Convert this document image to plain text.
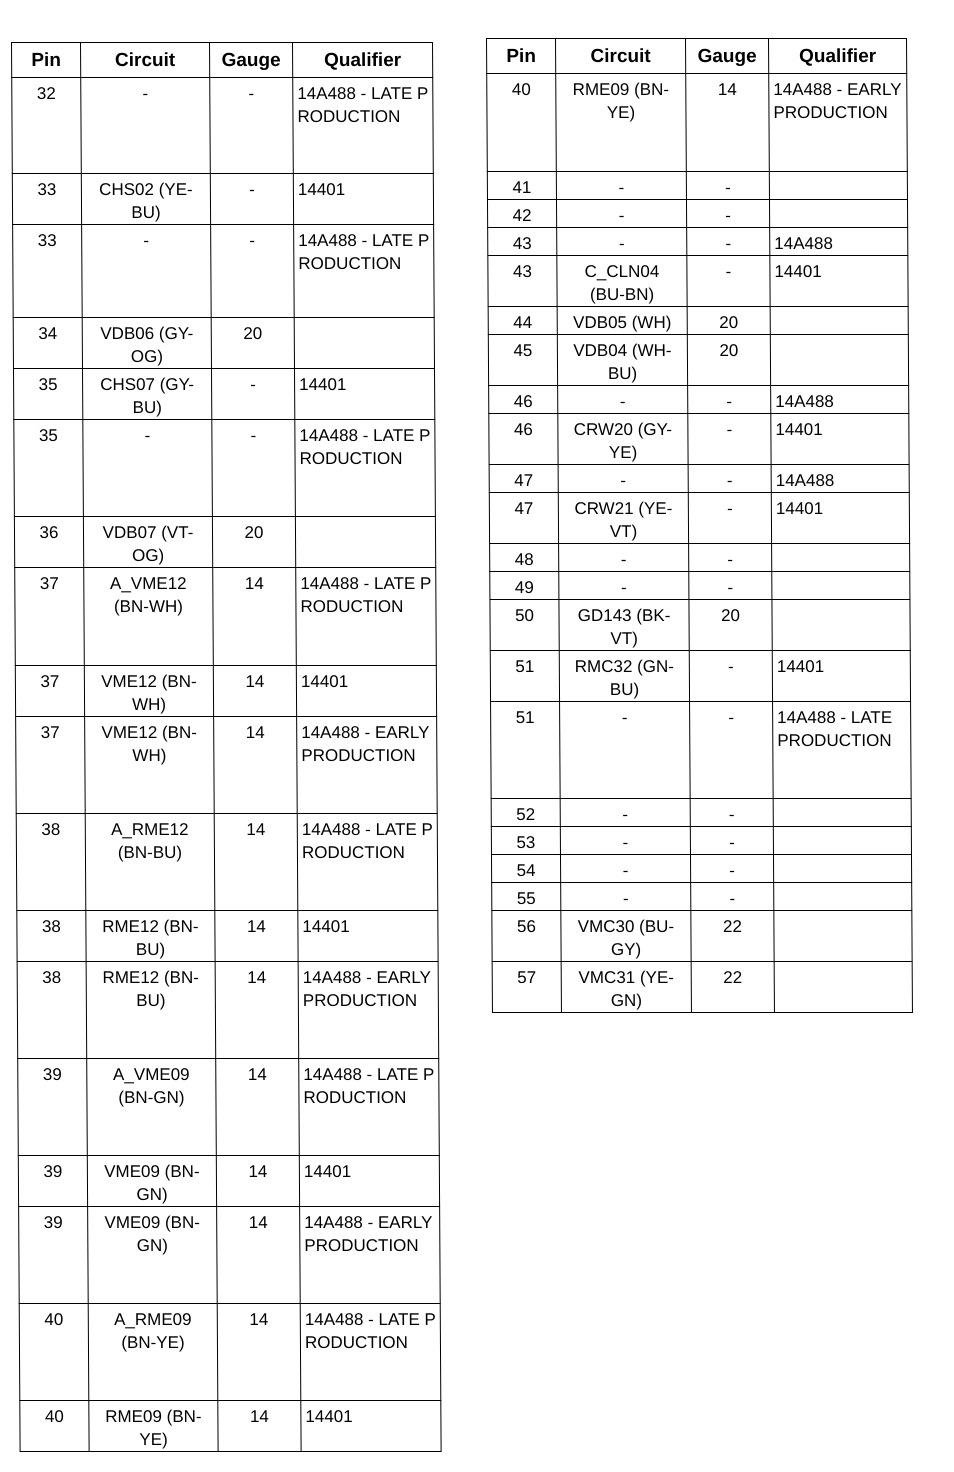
Pin	Circuit	Gauge	Qualifier
32	-	-	14A488 - LATE PRODUCTION
33	CHS02 (YE-BU)	-	14401
33	-	-	14A488 - LATE PRODUCTION
34	VDB06 (GY-OG)	20	
35	CHS07 (GY-BU)	-	14401
35	-	-	14A488 - LATE PRODUCTION
36	VDB07 (VT-OG)	20	
37	A_VME12 (BN-WH)	14	14A488 - LATE PRODUCTION
37	VME12 (BN-WH)	14	14401
37	VME12 (BN-WH)	14	14A488 - EARLY PRODUCTION
38	A_RME12 (BN-BU)	14	14A488 - LATE PRODUCTION
38	RME12 (BN-BU)	14	14401
38	RME12 (BN-BU)	14	14A488 - EARLY PRODUCTION
39	A_VME09 (BN-GN)	14	14A488 - LATE PRODUCTION
39	VME09 (BN-GN)	14	14401
39	VME09 (BN-GN)	14	14A488 - EARLY PRODUCTION
40	A_RME09 (BN-YE)	14	14A488 - LATE PRODUCTION
40	RME09 (BN-YE)	14	14401
Pin	Circuit	Gauge	Qualifier
40	RME09 (BN-YE)	14	14A488 - EARLY PRODUCTION
41	-	-	
42	-	-	
43	-	-	14A488
43	C_CLN04 (BU-BN)	-	14401
44	VDB05 (WH)	20	
45	VDB04 (WH-BU)	20	
46	-	-	14A488
46	CRW20 (GY-YE)	-	14401
47	-	-	14A488
47	CRW21 (YE-VT)	-	14401
48	-	-	
49	-	-	
50	GD143 (BK-VT)	20	
51	RMC32 (GN-BU)	-	14401
51	-	-	14A488 - LATE PRODUCTION
52	-	-	
53	-	-	
54	-	-	
55	-	-	
56	VMC30 (BU-GY)	22	
57	VMC31 (YE-GN)	22	
